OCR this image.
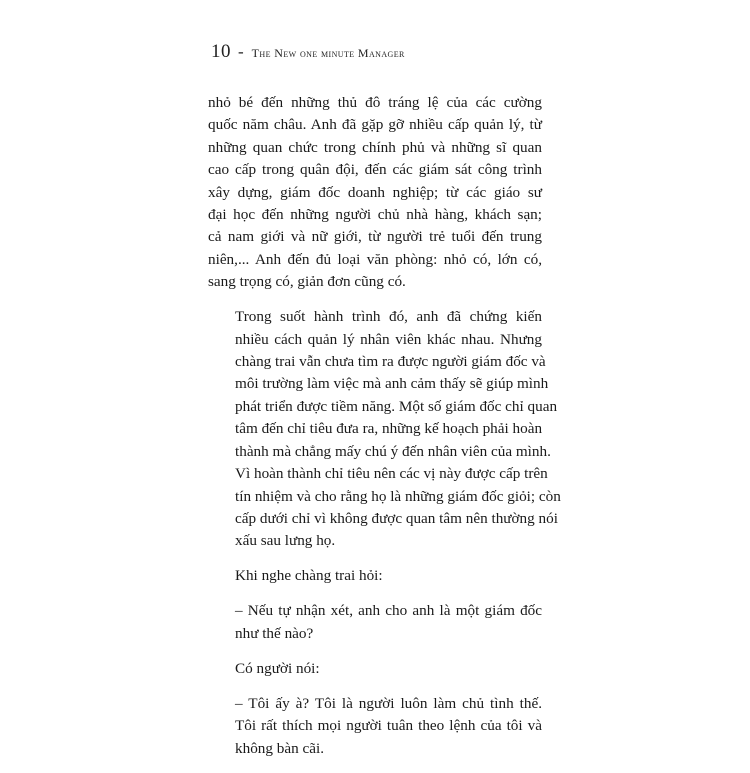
10 - The New one minute Manager

nhỏ bé đến những thủ đô tráng lệ của các cường
quốc năm châu. Anh đã gặp gỡ nhiều cấp quản lý, từ
những quan chức trong chính phủ và những sĩ quan
cao cấp trong quân đội, đến các giám sát công trình
xây dựng, giám đốc doanh nghiệp; từ các giáo sư
đại học đến những người chủ nhà hàng, khách sạn;
cả nam giới và nữ giới, từ người trẻ tuổi đến trung
niên,... Anh đến đủ loại văn phòng: nhỏ có, lớn có,
sang trọng có, giản đơn cũng có.

Trong suốt hành trình đó, anh đã chứng kiến
nhiều cách quản lý nhân viên khác nhau. Nhưng
chàng trai vẫn chưa tìm ra được người giám đốc và
môi trường làm việc mà anh cảm thấy sẽ giúp mình
phát triển được tiềm năng. Một số giám đốc chỉ quan
tâm đến chỉ tiêu đưa ra, những kế hoạch phải hoàn
thành mà chẳng mấy chú ý đến nhân viên của mình.
Vì hoàn thành chỉ tiêu nên các vị này được cấp trên
tín nhiệm và cho rằng họ là những giám đốc giỏi; còn
cấp dưới chỉ vì không được quan tâm nên thường nói
xấu sau lưng họ.

Khi nghe chàng trai hỏi:

– Nếu tự nhận xét, anh cho anh là một giám đốc
như thế nào?

Có người nói:

– Tôi ấy à? Tôi là người luôn làm chủ tình thế.
Tôi rất thích mọi người tuân theo lệnh của tôi và
không bàn cãi.
